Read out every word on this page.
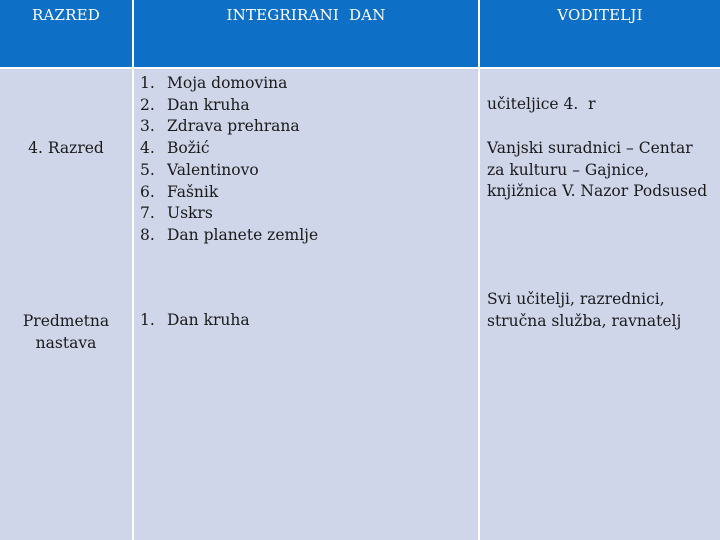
RAZRED	INTEGRIRANI  DAN	VODITELJI
4. Razred
1. Moja domovina
2. Dan kruha
3. Zdrava prehrana
4. Božić
5. Valentinovo
6. Fašnik
7. Uskrs
8. Dan planete zemlje
učiteljice 4.  r
Vanjski suradnici – Centar
za kulturu – Gajnice,
knjižnica V. Nazor Podsused
Predmetna
nastava
1. Dan kruha
Svi učitelji, razrednici,
stručna služba, ravnatelj
